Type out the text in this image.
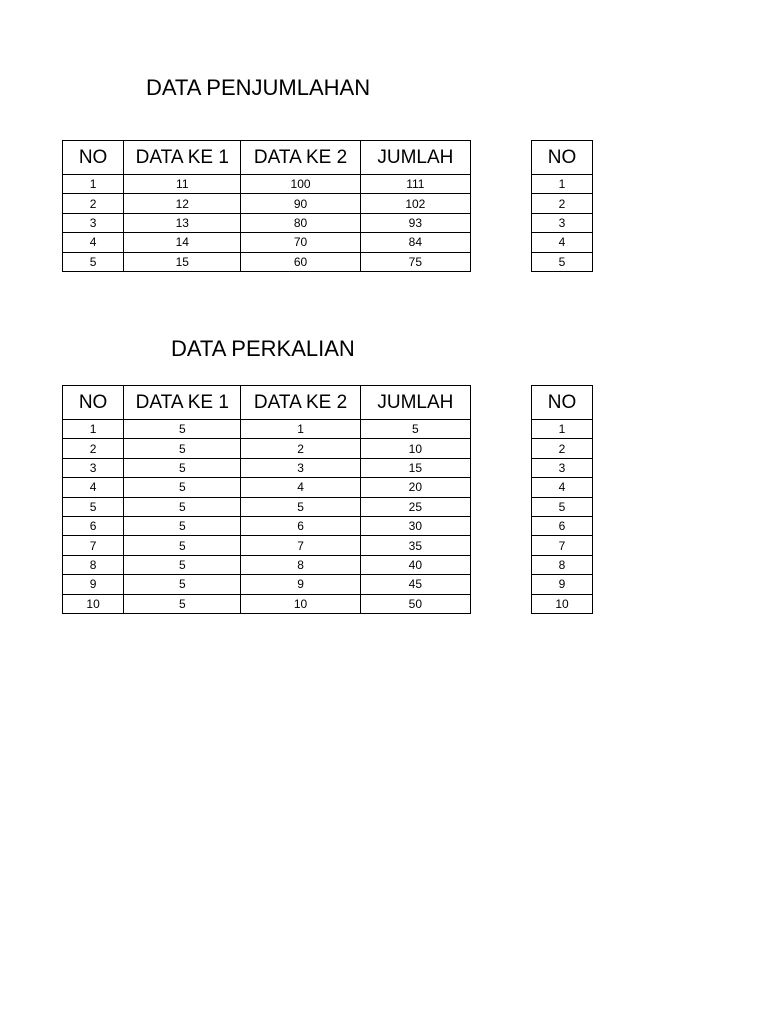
DATA PENJUMLAHAN
NO	DATA KE 1	DATA KE 2	JUMLAH
1	11	100	111
2	12	90	102
3	13	80	93
4	14	70	84
5	15	60	75
NO
1
2
3
4
5
DATA PERKALIAN
NO	DATA KE 1	DATA KE 2	JUMLAH
1	5	1	5
2	5	2	10
3	5	3	15
4	5	4	20
5	5	5	25
6	5	6	30
7	5	7	35
8	5	8	40
9	5	9	45
10	5	10	50
NO
1
2
3
4
5
6
7
8
9
10
